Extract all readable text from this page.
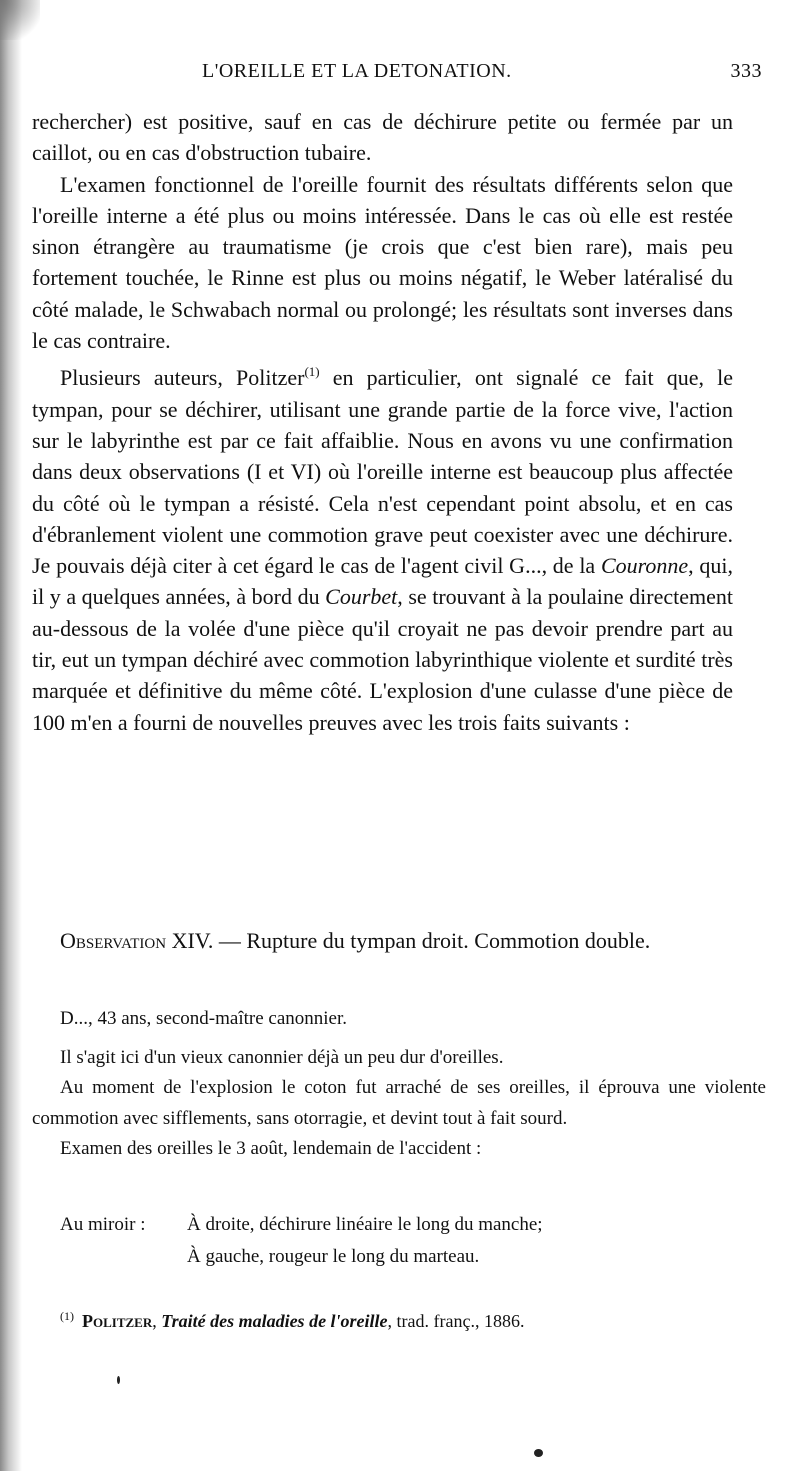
L'OREILLE ET LA DETONATION.	333

rechercher) est positive, sauf en cas de déchirure petite ou fermée par un caillot, ou en cas d'obstruction tubaire.

L'examen fonctionnel de l'oreille fournit des résultats différents selon que l'oreille interne a été plus ou moins intéressée. Dans le cas où elle est restée sinon étrangère au traumatisme (je crois que c'est bien rare), mais peu fortement touchée, le Rinne est plus ou moins négatif, le Weber latéralisé du côté malade, le Schwabach normal ou prolongé; les résultats sont inverses dans le cas contraire.

Plusieurs auteurs, Politzer$^{(1)}$ en particulier, ont signalé ce fait que, le tympan, pour se déchirer, utilisant une grande partie de la force vive, l'action sur le labyrinthe est par ce fait affaiblie. Nous en avons vu une confirmation dans deux observations (I et VI) où l'oreille interne est beaucoup plus affectée du côté où le tympan a résisté. Cela n'est cependant point absolu, et en cas d'ébranlement violent une commotion grave peut coexister avec une déchirure. Je pouvais déjà citer à cet égard le cas de l'agent civil G..., de la Couronne, qui, il y a quelques années, à bord du Courbet, se trouvant à la poulaine directement au-dessous de la volée d'une pièce qu'il croyait ne pas devoir prendre part au tir, eut un tympan déchiré avec commotion labyrinthique violente et surdité très marquée et définitive du même côté. L'explosion d'une culasse d'une pièce de 100 m'en a fourni de nouvelles preuves avec les trois faits suivants :

Observation XIV. — Rupture du tympan droit. Commotion double.

D..., 43 ans, second-maître canonnier.

Il s'agit ici d'un vieux canonnier déjà un peu dur d'oreilles.

Au moment de l'explosion le coton fut arraché de ses oreilles, il éprouva une violente commotion avec sifflements, sans otorragie, et devint tout à fait sourd.

Examen des oreilles le 3 août, lendemain de l'accident :

Au miroir : À droite, déchirure linéaire le long du manche;
À gauche, rougeur le long du marteau.
$^{(1)}$ Politzer, Traité des maladies de l'oreille, trad. franç., 1886.
